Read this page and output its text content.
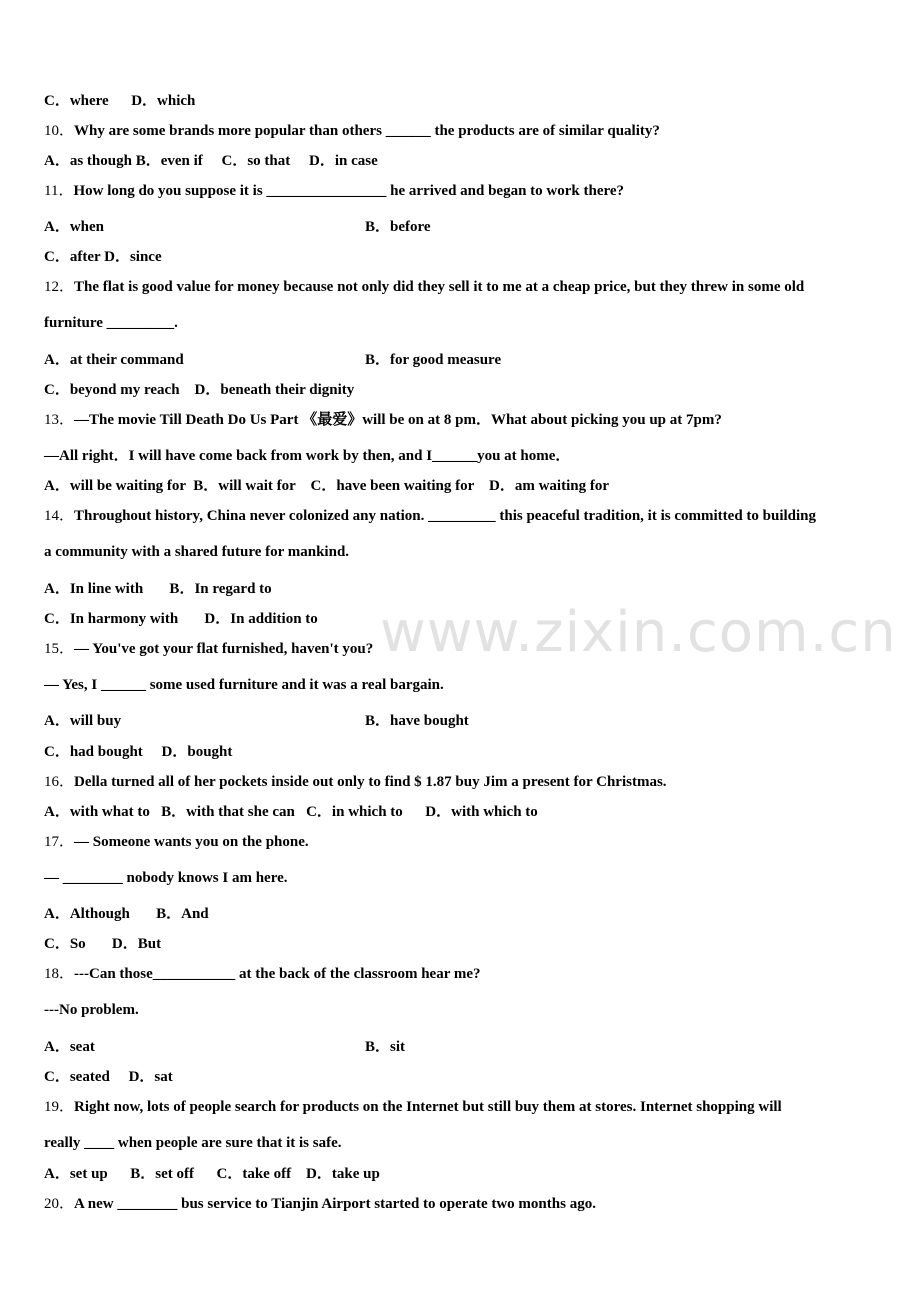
www.zixin.com.cn
C．where      D．which
10．Why are some brands more popular than others ______ the products are of similar quality?
A．as though B．even if     C．so that     D．in case
11．How long do you suppose it is ________________ he arrived and began to work there?
A．when	B．before
C．after D．since
12．The flat is good value for money because not only did they sell it to me at a cheap price, but they threw in some old
furniture _________.
A．at their command	B．for good measure
C．beyond my reach    D．beneath their dignity
13．—The movie Till Death Do Us Part 《最爱》will be on at 8 pm．What about picking you up at 7pm?
—All right．I will have come back from work by then, and I______you at home．
A．will be waiting for  B．will wait for    C．have been waiting for    D．am waiting for
14．Throughout history, China never colonized any nation. _________ this peaceful tradition, it is committed to building
a community with a shared future for mankind.
A．In line with       B．In regard to
C．In harmony with       D．In addition to
15．— You've got your flat furnished, haven't you?
— Yes, I ______ some used furniture and it was a real bargain.
A．will buy	B．have bought
C．had bought     D．bought
16．Della turned all of her pockets inside out only to find $ 1.87 buy Jim a present for Christmas.
A．with what to   B．with that she can   C．in which to      D．with which to
17．— Someone wants you on the phone.
— ________ nobody knows I am here.
A．Although       B．And
C．So       D．But
18．---Can those___________ at the back of the classroom hear me?
---No problem.
A．seat	B．sit
C．seated     D．sat
19．Right now, lots of people search for products on the Internet but still buy them at stores. Internet shopping will
really ____ when people are sure that it is safe.
A．set up      B．set off      C．take off    D．take up
20．A new ________ bus service to Tianjin Airport started to operate two months ago.
